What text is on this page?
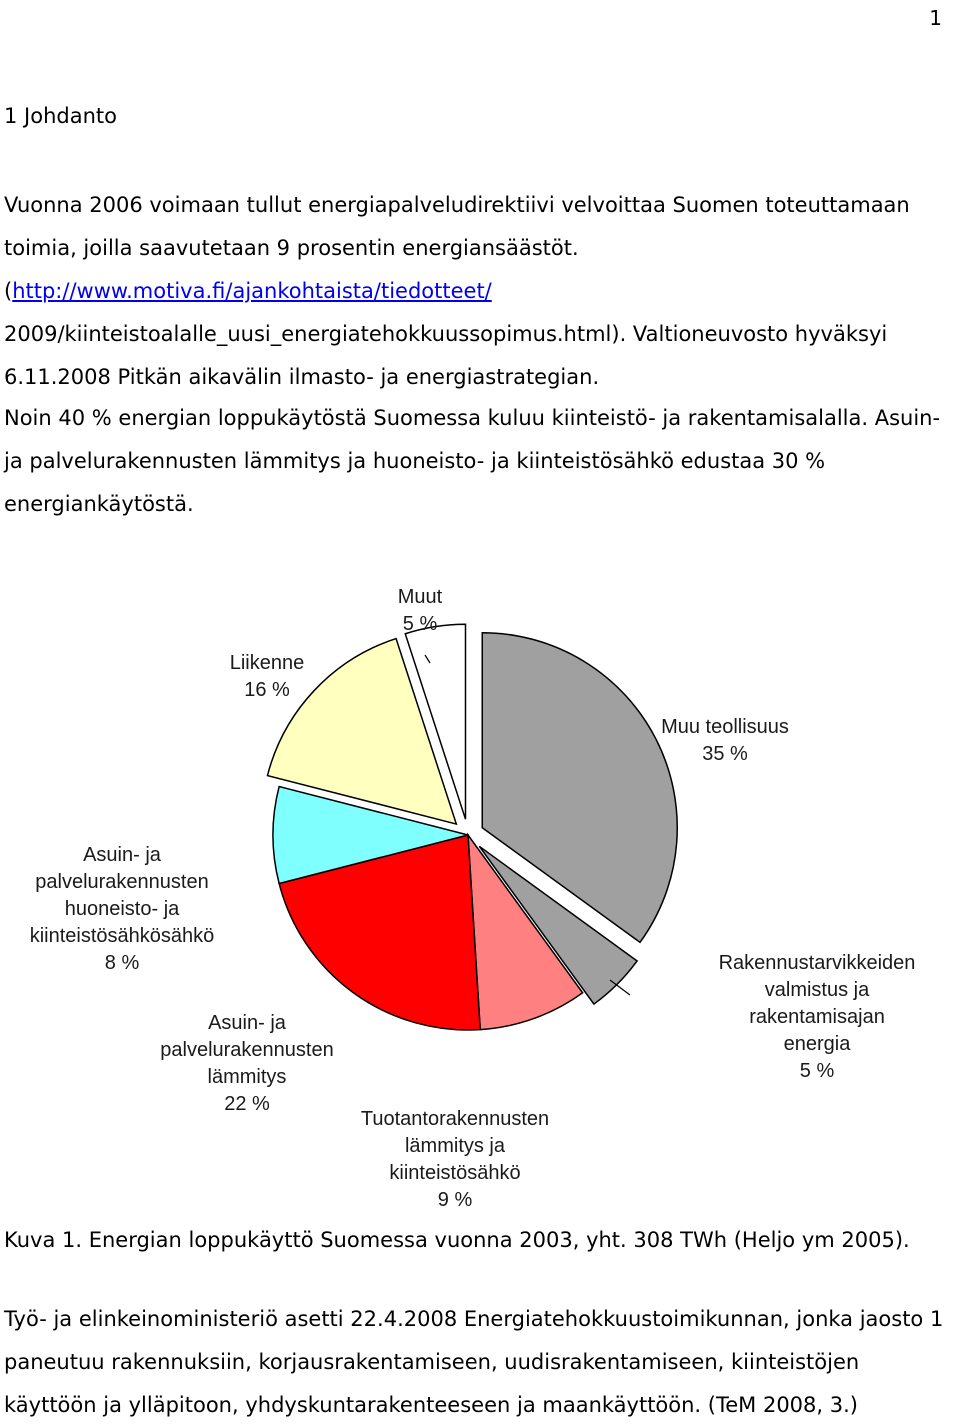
1
1 Johdanto

Vuonna 2006 voimaan tullut energiapalveludirektiivi velvoittaa Suomen toteuttamaan toimia, joilla saavutetaan 9 prosentin energiansäästöt. (http://www.motiva.fi/ajankohtaista/tiedotteet/ 2009/kiinteistoalalle_uusi_energiatehokkuussopimus.html). Valtioneuvosto hyväksyi 6.11.2008 Pitkän aikavälin ilmasto- ja energiastrategian.

Noin 40 % energian loppukäytöstä Suomessa kuluu kiinteistö- ja rakentamisalalla. Asuin- ja palvelurakennusten lämmitys ja huoneisto- ja kiinteistösähkö edustaa 30 % energiankäytöstä.

Muu teollisuus 35 %
Rakennustarvikkeiden valmistus ja rakentamisajan energia 5 %
Tuotantorakennusten lämmitys ja kiinteistösähkö 9 %
Asuin- ja palvelurakennusten lämmitys 22 %
Asuin- ja palvelurakennusten huoneisto- ja kiinteistösähkösähkö 8 %
Liikenne 16 %
Muut 5 %
Kuva 1. Energian loppukäyttö Suomessa vuonna 2003, yht. 308 TWh (Heljo ym 2005).

Työ- ja elinkeinoministeriö asetti 22.4.2008 Energiatehokkuustoimikunnan, jonka jaosto 1 paneutuu rakennuksiin, korjausrakentamiseen, uudisrakentamiseen, kiinteistöjen käyttöön ja ylläpitoon, yhdyskuntarakenteeseen ja maankäyttöön. (TeM 2008, 3.)
